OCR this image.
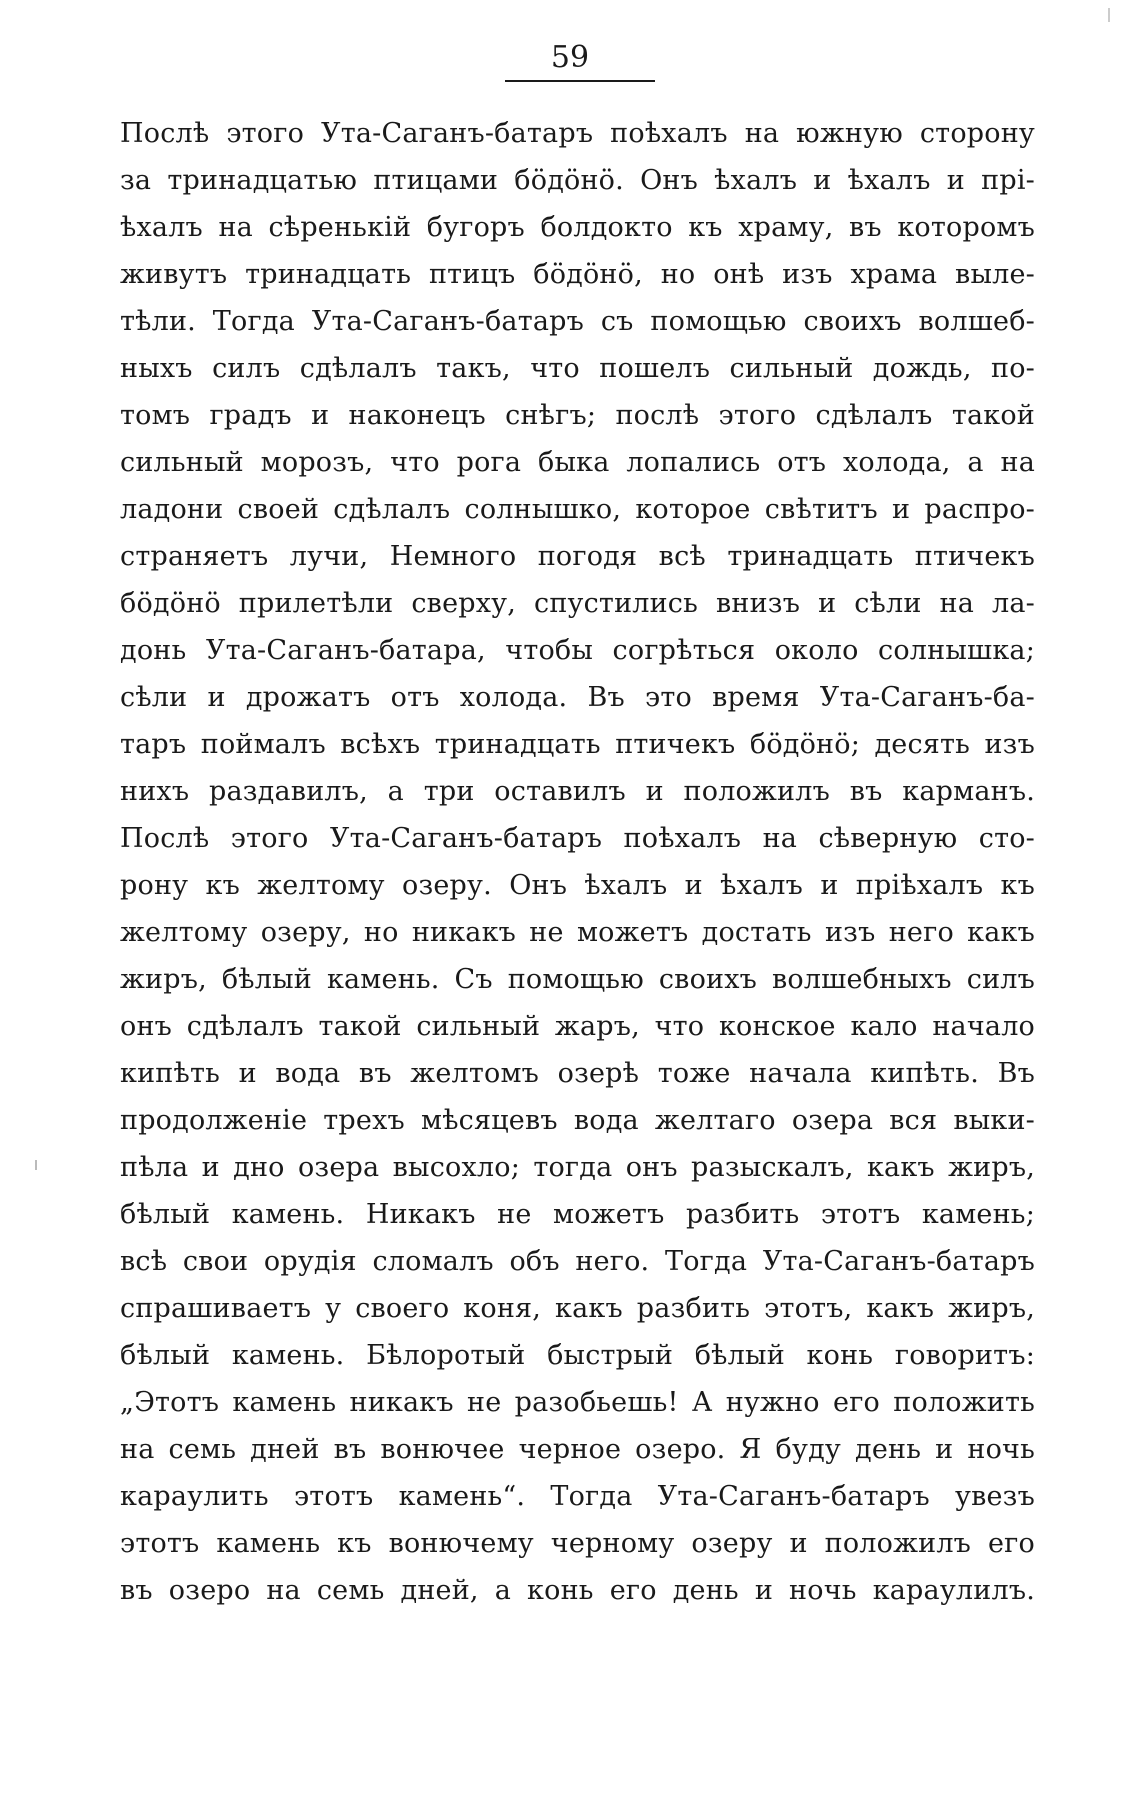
59
Послѣ этого Ута-Саганъ-батаръ поѣхалъ на южную сторону
за тринадцатью птицами бӧдӧнӧ. Онъ ѣхалъ и ѣхалъ и прі-
ѣхалъ на сѣренькій бугоръ болдокто къ храму, въ которомъ
живутъ тринадцать птицъ бӧдӧнӧ, но онѣ изъ храма выле-
тѣли. Тогда Ута-Саганъ-батаръ съ помощью своихъ волшеб-
ныхъ силъ сдѣлалъ такъ, что пошелъ сильный дождь, по-
томъ градъ и наконецъ снѣгъ; послѣ этого сдѣлалъ такой
сильный морозъ, что рога быка лопались отъ холода, а на
ладони своей сдѣлалъ солнышко, которое свѣтитъ и распро-
страняетъ лучи, Немного погодя всѣ тринадцать птичекъ
бӧдӧнӧ прилетѣли сверху, спустились внизъ и сѣли на ла-
донь Ута-Саганъ-батара, чтобы согрѣться около солнышка;
сѣли и дрожатъ отъ холода. Въ это время Ута-Саганъ-ба-
таръ поймалъ всѣхъ тринадцать птичекъ бӧдӧнӧ; десять изъ
нихъ раздавилъ, а три оставилъ и положилъ въ карманъ.
Послѣ этого Ута-Саганъ-батаръ поѣхалъ на сѣверную сто-
рону къ желтому озеру. Онъ ѣхалъ и ѣхалъ и пріѣхалъ къ
желтому озеру, но никакъ не можетъ достать изъ него какъ
жиръ, бѣлый камень. Съ помощью своихъ волшебныхъ силъ
онъ сдѣлалъ такой сильный жаръ, что конское кало начало
кипѣть и вода въ желтомъ озерѣ тоже начала кипѣть. Въ
продолженіе трехъ мѣсяцевъ вода желтаго озера вся выки-
пѣла и дно озера высохло; тогда онъ разыскалъ, какъ жиръ,
бѣлый камень. Никакъ не можетъ разбить этотъ камень;
всѣ свои орудія сломалъ объ него. Тогда Ута-Саганъ-батаръ
спрашиваетъ у своего коня, какъ разбить этотъ, какъ жиръ,
бѣлый камень. Бѣлоротый быстрый бѣлый конь говоритъ:
„Этотъ камень никакъ не разобьешь! А нужно его положить
на семь дней въ вонючее черное озеро. Я буду день и ночь
караулить этотъ камень“. Тогда Ута-Саганъ-батаръ увезъ
этотъ камень къ вонючему черному озеру и положилъ его
въ озеро на семь дней, а конь его день и ночь караулилъ.
